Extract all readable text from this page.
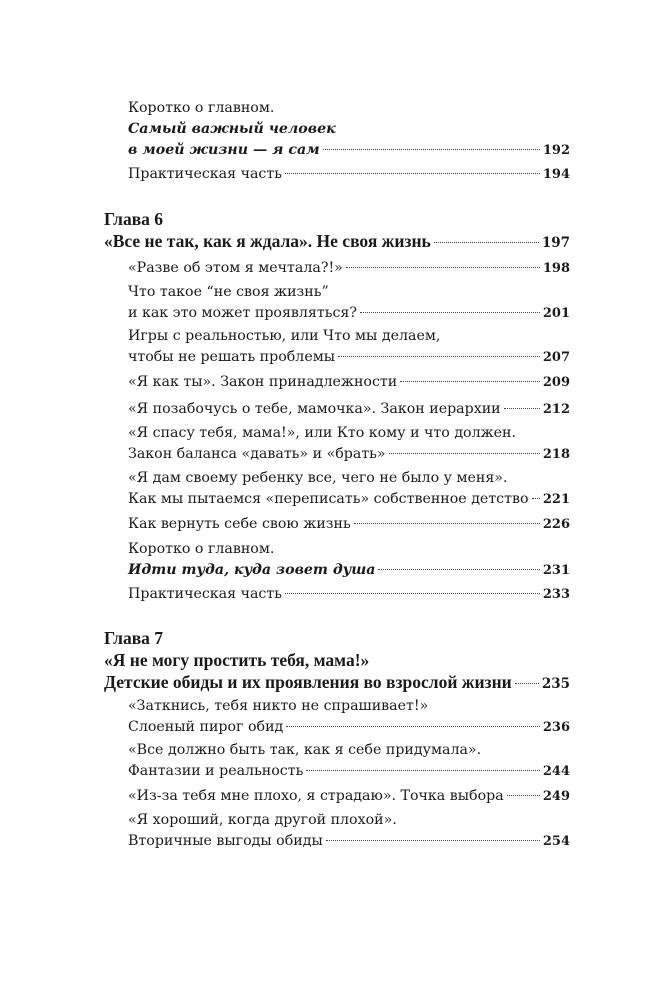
Коротко о главном.
Самый важный человек
в моей жизни — я сам	192
Практическая часть	194
Глава 6
«Все не так, как я ждала». Не своя жизнь	197
«Разве об этом я мечтала?!»	198
Что такое “не своя жизнь”
и как это может проявляться?	201
Игры с реальностью, или Что мы делаем,
чтобы не решать проблемы	207
«Я как ты». Закон принадлежности	209
«Я позабочусь о тебе, мамочка». Закон иерархии	212
«Я спасу тебя, мама!», или Кто кому и что должен.
Закон баланса «давать» и «брать»	218
«Я дам своему ребенку все, чего не было у меня».
Как мы пытаемся «переписать» собственное детство 221
Как вернуть себе свою жизнь	226
Коротко о главном.
Идти туда, куда зовет душа	231
Практическая часть	233
Глава 7
«Я не могу простить тебя, мама!»
Детские обиды и их проявления во взрослой жизни 235
«Заткнись, тебя никто не спрашивает!»
Слоеный пирог обид	236
«Все должно быть так, как я себе придумала».
Фантазии и реальность	244
«Из-за тебя мне плохо, я страдаю». Точка выбора	249
«Я хороший, когда другой плохой».
Вторичные выгоды обиды	254
